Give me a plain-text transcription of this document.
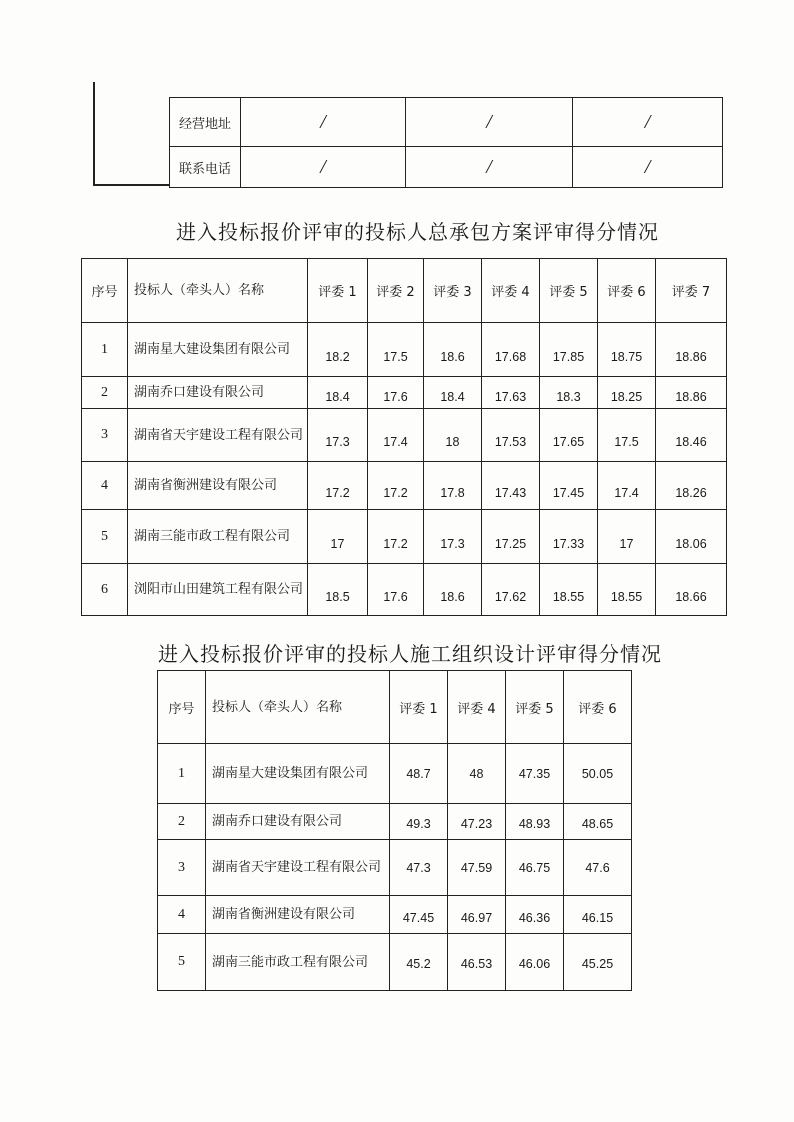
经营地址	/	/	/
联系电话	/	/	/
进入投标报价评审的投标人总承包方案评审得分情况
序号	投标人（牵头人）名称	评委 1	评委 2	评委 3	评委 4	评委 5	评委 6	评委 7
1	湖南星大建设集团有限公司	18.2	17.5	18.6	17.68	17.85	18.75	18.86
2	湖南乔口建设有限公司	18.4	17.6	18.4	17.63	18.3	18.25	18.86
3	湖南省天宇建设工程有限公司	17.3	17.4	18	17.53	17.65	17.5	18.46
4	湖南省衡洲建设有限公司	17.2	17.2	17.8	17.43	17.45	17.4	18.26
5	湖南三能市政工程有限公司	17	17.2	17.3	17.25	17.33	17	18.06
6	浏阳市山田建筑工程有限公司	18.5	17.6	18.6	17.62	18.55	18.55	18.66
进入投标报价评审的投标人施工组织设计评审得分情况
序号	投标人（牵头人）名称	评委 1	评委 4	评委 5	评委 6
1	湖南星大建设集团有限公司	48.7	48	47.35	50.05
2	湖南乔口建设有限公司	49.3	47.23	48.93	48.65
3	湖南省天宇建设工程有限公司	47.3	47.59	46.75	47.6
4	湖南省衡洲建设有限公司	47.45	46.97	46.36	46.15
5	湖南三能市政工程有限公司	45.2	46.53	46.06	45.25
